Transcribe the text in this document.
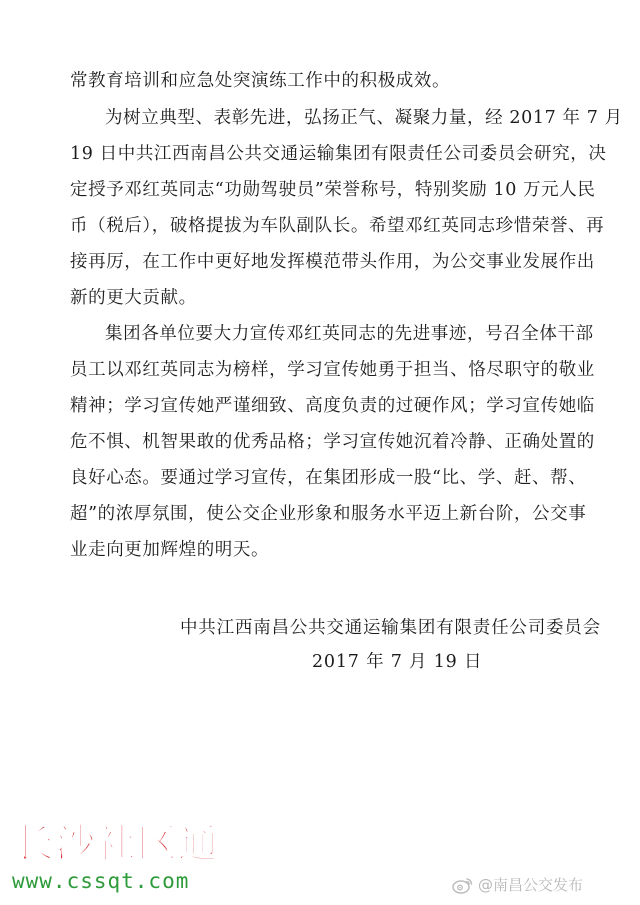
常教育培训和应急处突演练工作中的积极成效。
为树立典型、表彰先进，弘扬正气、凝聚力量，经 2017 年 7 月
19 日中共江西南昌公共交通运输集团有限责任公司委员会研究，决
定授予邓红英同志“功勋驾驶员”荣誉称号，特别奖励 10 万元人民
币（税后），破格提拔为车队副队长。希望邓红英同志珍惜荣誉、再
接再厉，在工作中更好地发挥模范带头作用，为公交事业发展作出
新的更大贡献。
集团各单位要大力宣传邓红英同志的先进事迹，号召全体干部
员工以邓红英同志为榜样，学习宣传她勇于担当、恪尽职守的敬业
精神；学习宣传她严谨细致、高度负责的过硬作风；学习宣传她临
危不惧、机智果敢的优秀品格；学习宣传她沉着冷静、正确处置的
良好心态。要通过学习宣传，在集团形成一股“比、学、赶、帮、
超”的浓厚氛围，使公交企业形象和服务水平迈上新台阶，公交事
业走向更加辉煌的明天。
中共江西南昌公共交通运输集团有限责任公司委员会
2017 年 7 月 19 日
长沙社区通
www.cssqt.com	@南昌公交发布
